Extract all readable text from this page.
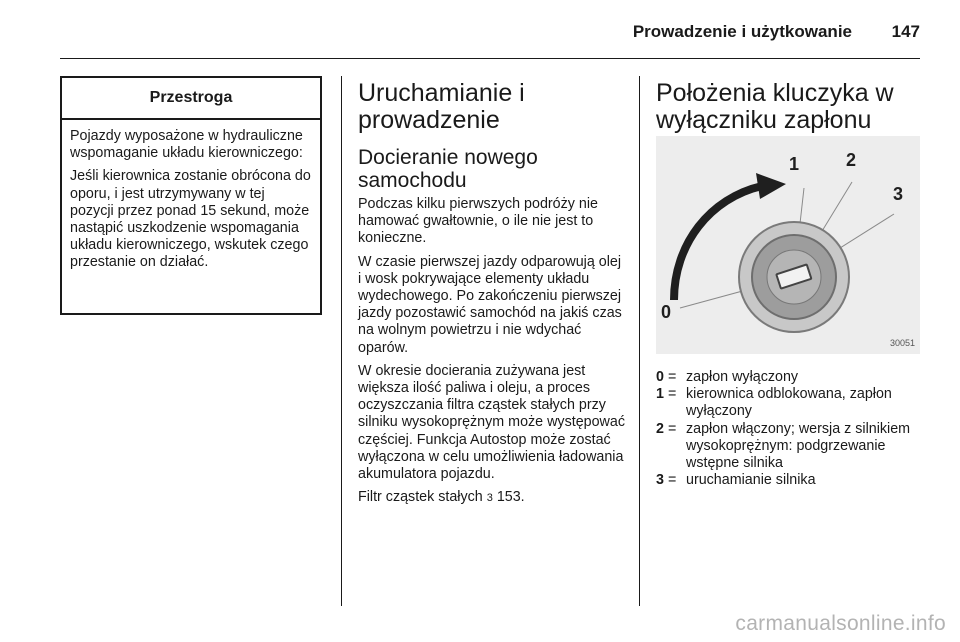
Prowadzenie i użytkowanie 147
Przestroga

Pojazdy wyposażone w hydrauliczne wspomaganie układu kierowniczego:

Jeśli kierownica zostanie obrócona do oporu, i jest utrzymywany w tej pozycji przez ponad 15 sekund, może nastąpić uszkodzenie wspomagania układu kierowniczego, wskutek czego przestanie on działać.

Uruchamianie i prowadzenie
Docieranie nowego samochodu

Podczas kilku pierwszych podróży nie hamować gwałtownie, o ile nie jest to konieczne.

W czasie pierwszej jazdy odparowują olej i wosk pokrywające elementy układu wydechowego. Po zakończeniu pierwszej jazdy pozostawić samochód na jakiś czas na wolnym powietrzu i nie wdychać oparów.

W okresie docierania zużywana jest większa ilość paliwa i oleju, a proces oczyszczania filtra cząstek stałych przy silniku wysokoprężnym może występować częściej. Funkcja Autostop może zostać wyłączona w celu umożliwienia ładowania akumulatora pojazdu.

Filtr cząstek stałych 3 153.

Położenia kluczyka w wyłączniku zapłonu
1	2
3
0
30051
0 = zapłon wyłączony
1 = kierownica odblokowana, zapłon wyłączony
2 = zapłon włączony; wersja z silnikiem wysokoprężnym: podgrzewanie wstępne silnika
3 = uruchamianie silnika
carmanualsonline.info
